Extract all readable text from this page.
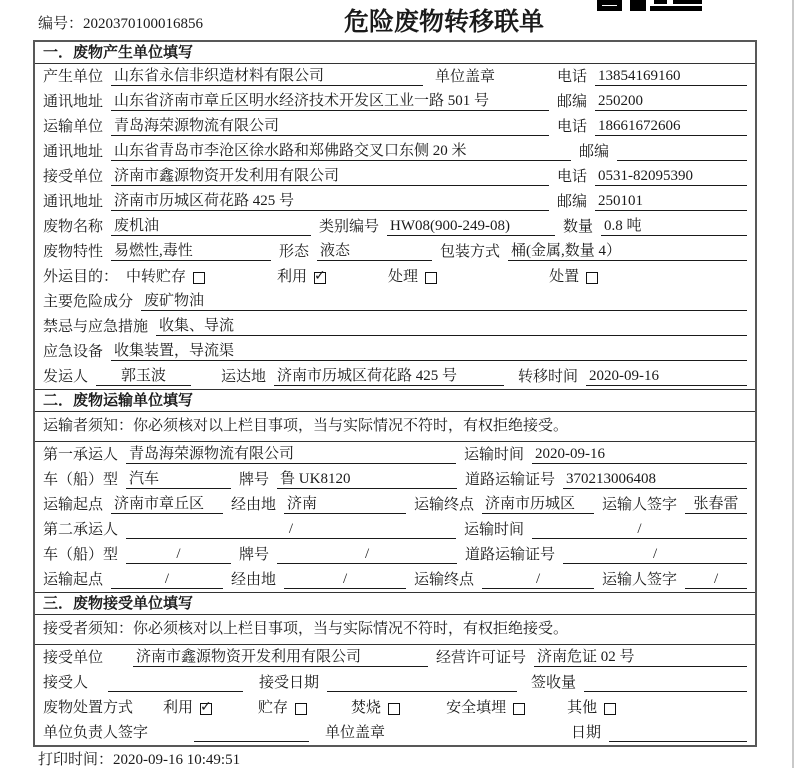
编号：2020370100016856	危险废物转移联单
一．废物产生单位填写
产生单位 山东省永信非织造材料有限公司	单位盖章	电话 13854169160
通讯地址 山东省济南市章丘区明水经济技术开发区工业一路 501 号	邮编 250200
运输单位 青岛海荣源物流有限公司	电话 18661672606
通讯地址 山东省青岛市李沧区徐水路和郑佛路交叉口东侧 20 米	邮编
接受单位 济南市鑫源物资开发利用有限公司	电话 0531-82095390
通讯地址 济南市历城区荷花路 425 号	邮编 250101
废物名称 废机油	类别编号 HW08(900-249-08)	数量 0.8 吨
废物特性 易燃性,毒性	形态 液态	包装方式 桶(金属,数量 4）
外运目的： 中转贮存	利用 ✓	处理	处置
主要危险成分 废矿物油
禁忌与应急措施 收集、导流
应急设备 收集装置，导流渠
发运人	郭玉波	运达地 济南市历城区荷花路 425 号	转移时间 2020-09-16
二．废物运输单位填写
运输者须知：你必须核对以上栏目事项，当与实际情况不符时，有权拒绝接受。
第一承运人 青岛海荣源物流有限公司	运输时间 2020-09-16
车（船）型 汽车	牌号 鲁 UK8120	道路运输证号 370213006408
运输起点 济南市章丘区	经由地 济南	运输终点 济南市历城区	运输人签字	张春雷
第二承运人	/	运输时间	/
车（船）型	/	牌号	/	道路运输证号	/
运输起点	/	经由地	/	运输终点	/	运输人签字	/
三．废物接受单位填写
接受者须知：你必须核对以上栏目事项，当与实际情况不符时，有权拒绝接受。
接受单位 济南市鑫源物资开发利用有限公司	经营许可证号 济南危证 02 号
接受人	接受日期	签收量
废物处置方式 利用 ✓	贮存	焚烧	安全填埋	其他
单位负责人签字	单位盖章	日期
打印时间：2020-09-16 10:49:51
